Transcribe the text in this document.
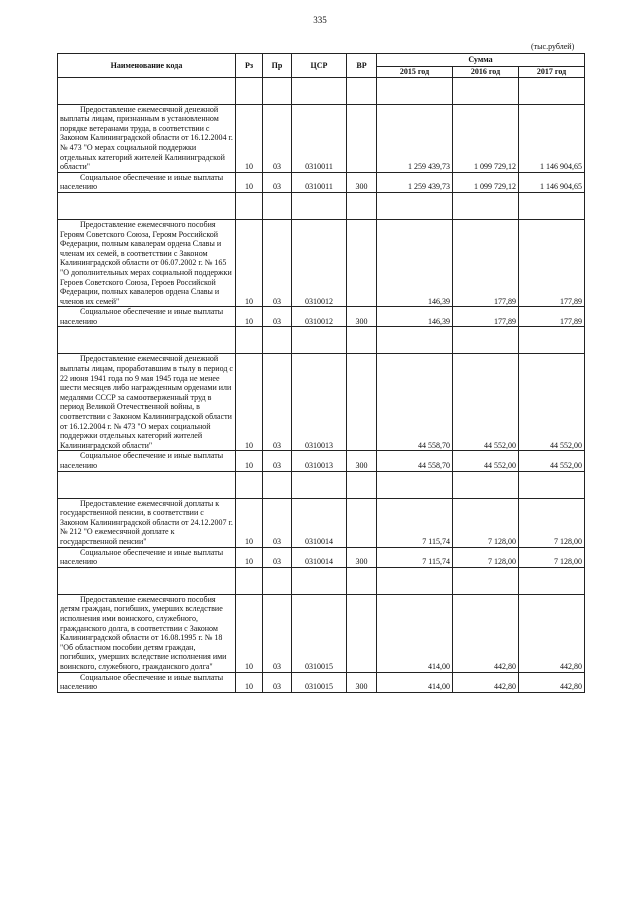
335
(тыс.рублей)
Наименование кода	Рз	Пр	ЦСР	ВР	Сумма		
					2015 год	2016 год	2017 год

Предоставление ежемесячной денежной выплаты лицам, признанным в установленном порядке ветеранами труда, в соответствии с Законом Калининградской области от 16.12.2004 г. № 473 "О мерах социальной поддержки отдельных категорий жителей Калининградской области"	10	03	0310011		1 259 439,73	1 099 729,12	1 146 904,65
Социальное обеспечение и иные выплаты населению	10	03	0310011	300	1 259 439,73	1 099 729,12	1 146 904,65

Предоставление ежемесячного пособия Героям Советского Союза, Героям Российской Федерации, полным кавалерам ордена Славы и членам их семей, в соответствии с Законом Калининградской области от 06.07.2002 г. № 165 "О дополнительных мерах социальной поддержки Героев Советского Союза, Героев Российской Федерации, полных кавалеров ордена Славы и членов их семей"	10	03	0310012		146,39	177,89	177,89
Социальное обеспечение и иные выплаты населению	10	03	0310012	300	146,39	177,89	177,89

Предоставление ежемесячной денежной выплаты лицам, проработавшим в тылу в период с 22 июня 1941 года по 9 мая 1945 года не менее шести месяцев либо награжденным орденами или медалями СССР за самоотверженный труд в период Великой Отечественной войны, в соответствии с Законом Калининградской области от 16.12.2004 г. № 473 "О мерах социальной поддержки отдельных категорий жителей Калининградской области"	10	03	0310013		44 558,70	44 552,00	44 552,00
Социальное обеспечение и иные выплаты населению	10	03	0310013	300	44 558,70	44 552,00	44 552,00

Предоставление ежемесячной доплаты к государственной пенсии, в соответствии с Законом Калининградской области от 24.12.2007 г. № 212 "О ежемесячной доплате к государственной пенсии"	10	03	0310014		7 115,74	7 128,00	7 128,00
Социальное обеспечение и иные выплаты населению	10	03	0310014	300	7 115,74	7 128,00	7 128,00

Предоставление ежемесячного пособия детям граждан, погибших, умерших вследствие исполнения ими воинского, служебного, гражданского долга, в соответствии с Законом Калининградской области от 16.08.1995 г. № 18 "Об областном пособии детям граждан, погибших, умерших вследствие исполнения ими воинского, служебного, гражданского долга"	10	03	0310015		414,00	442,80	442,80
Социальное обеспечение и иные выплаты населению	10	03	0310015	300	414,00	442,80	442,80
